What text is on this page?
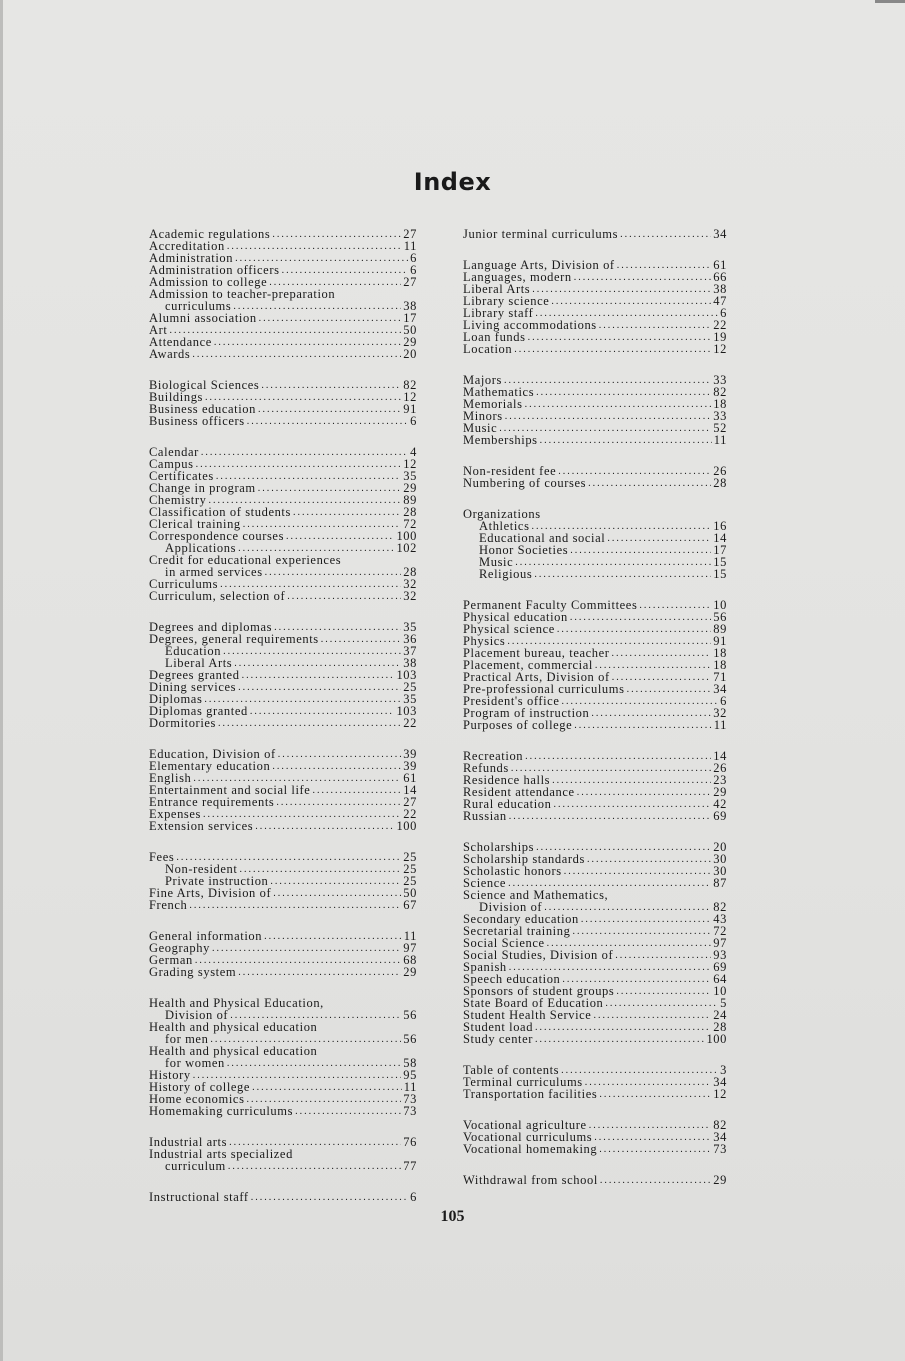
Index
Academic regulations .....	27
Accreditation .....	11
Administration .....	6
Administration officers .....	6
Admission to college .....	27
Admission to teacher-preparation
curriculums .....	38
Alumni association .....	17
Art .....	50
Attendance .....	29
Awards .....	20
Biological Sciences .....	82
Buildings .....	12
Business education .....	91
Business officers .....	6
Calendar .....	4
Campus .....	12
Certificates .....	35
Change in program .....	29
Chemistry .....	89
Classification of students .....	28
Clerical training .....	72
Correspondence courses .....	100
Applications .....	102
Credit for educational experiences
in armed services .....	28
Curriculums .....	32
Curriculum, selection of .....	32
Degrees and diplomas .....	35
Degrees, general requirements .....	36
Education .....	37
Liberal Arts .....	38
Degrees granted .....	103
Dining services .....	25
Diplomas .....	35
Diplomas granted .....	103
Dormitories .....	22
Education, Division of .....	39
Elementary education .....	39
English .....	61
Entertainment and social life .....	14
Entrance requirements .....	27
Expenses .....	22
Extension services .....	100
Fees .....	25
Non-resident .....	25
Private instruction .....	25
Fine Arts, Division of .....	50
French .....	67
General information .....	11
Geography .....	97
German .....	68
Grading system .....	29
Health and Physical Education,
Division of .....	56
Health and physical education
for men .....	56
Health and physical education
for women .....	58
History .....	95
History of college .....	11
Home economics .....	73
Homemaking curriculums .....	73
Industrial arts .....	76
Industrial arts specialized
curriculum .....	77
Instructional staff .....	6
Junior terminal curriculums .....	34
Language Arts, Division of .....	61
Languages, modern .....	66
Liberal Arts .....	38
Library science .....	47
Library staff .....	6
Living accommodations .....	22
Loan funds .....	19
Location .....	12
Majors .....	33
Mathematics .....	82
Memorials .....	18
Minors .....	33
Music .....	52
Memberships .....	11
Non-resident fee .....	26
Numbering of courses .....	28
Organizations
Athletics .....	16
Educational and social .....	14
Honor Societies .....	17
Music .....	15
Religious .....	15
Permanent Faculty Committees .....	10
Physical education .....	56
Physical science .....	89
Physics .....	91
Placement bureau, teacher .....	18
Placement, commercial .....	18
Practical Arts, Division of .....	71
Pre-professional curriculums .....	34
President's office .....	6
Program of instruction .....	32
Purposes of college .....	11
Recreation .....	14
Refunds .....	26
Residence halls .....	23
Resident attendance .....	29
Rural education .....	42
Russian .....	69
Scholarships .....	20
Scholarship standards .....	30
Scholastic honors .....	30
Science .....	87
Science and Mathematics,
Division of .....	82
Secondary education .....	43
Secretarial training .....	72
Social Science .....	97
Social Studies, Division of .....	93
Spanish .....	69
Speech education .....	64
Sponsors of student groups .....	10
State Board of Education .....	5
Student Health Service .....	24
Student load .....	28
Study center .....	100
Table of contents .....	3
Terminal curriculums .....	34
Transportation facilities .....	12
Vocational agriculture .....	82
Vocational curriculums .....	34
Vocational homemaking .....	73
Withdrawal from school .....	29
105
